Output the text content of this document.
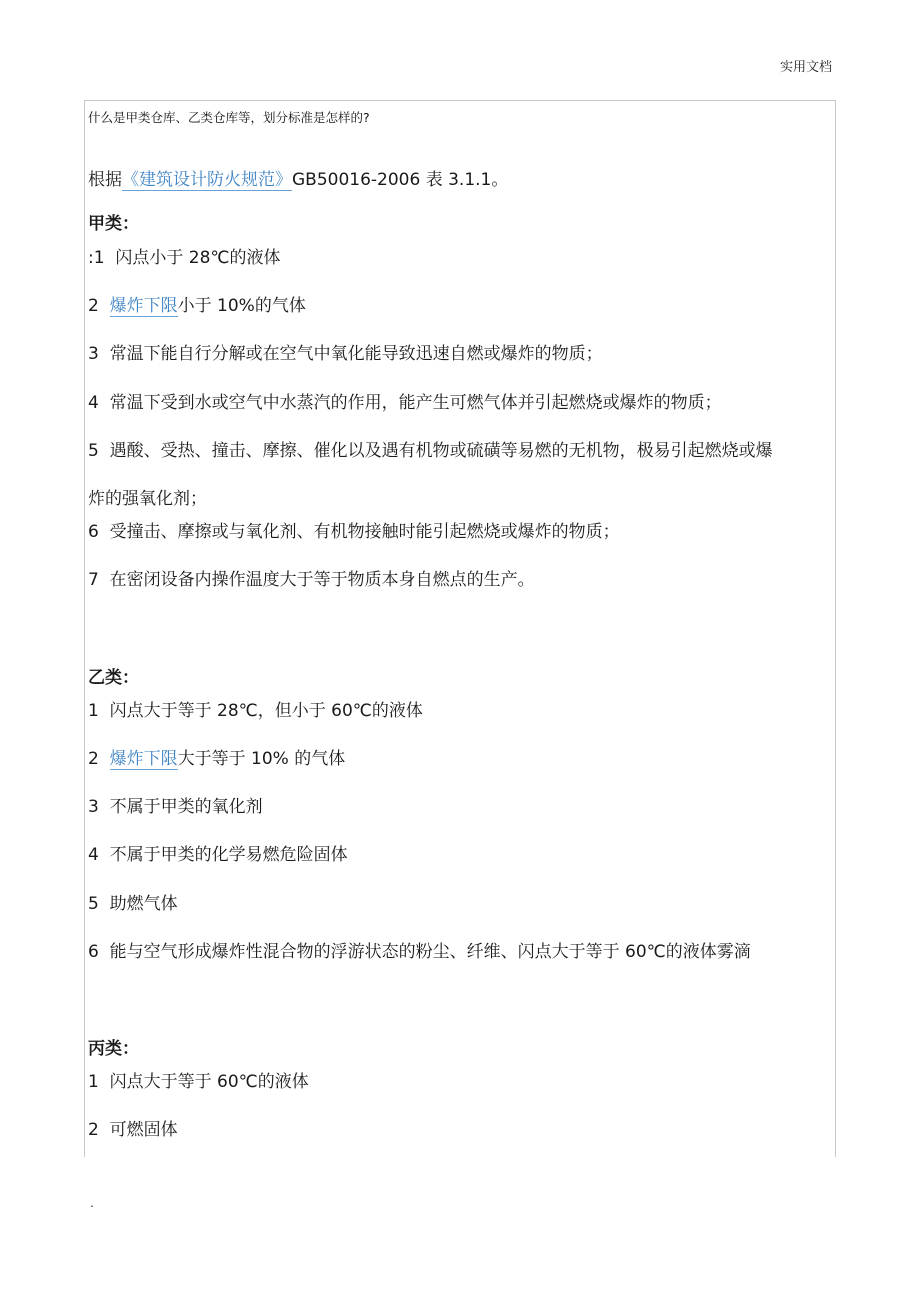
实用文档
什么是甲类仓库、乙类仓库等，划分标准是怎样的?
根据《建筑设计防火规范》GB50016-2006 表 3.1.1。
甲类：
:1 闪点小于 28℃的液体
2 爆炸下限小于 10%的气体
3 常温下能自行分解或在空气中氧化能导致迅速自燃或爆炸的物质；
4 常温下受到水或空气中水蒸汽的作用，能产生可燃气体并引起燃烧或爆炸的物质；
5 遇酸、受热、撞击、摩擦、催化以及遇有机物或硫磺等易燃的无机物，极易引起燃烧或爆
炸的强氧化剂；
6 受撞击、摩擦或与氧化剂、有机物接触时能引起燃烧或爆炸的物质；
7 在密闭设备内操作温度大于等于物质本身自燃点的生产。
乙类：
1 闪点大于等于 28℃，但小于 60℃的液体
2 爆炸下限大于等于 10% 的气体
3 不属于甲类的氧化剂
4 不属于甲类的化学易燃危险固体
5 助燃气体
6 能与空气形成爆炸性混合物的浮游状态的粉尘、纤维、闪点大于等于 60℃的液体雾滴
丙类：
1 闪点大于等于 60℃的液体
2 可燃固体
.
